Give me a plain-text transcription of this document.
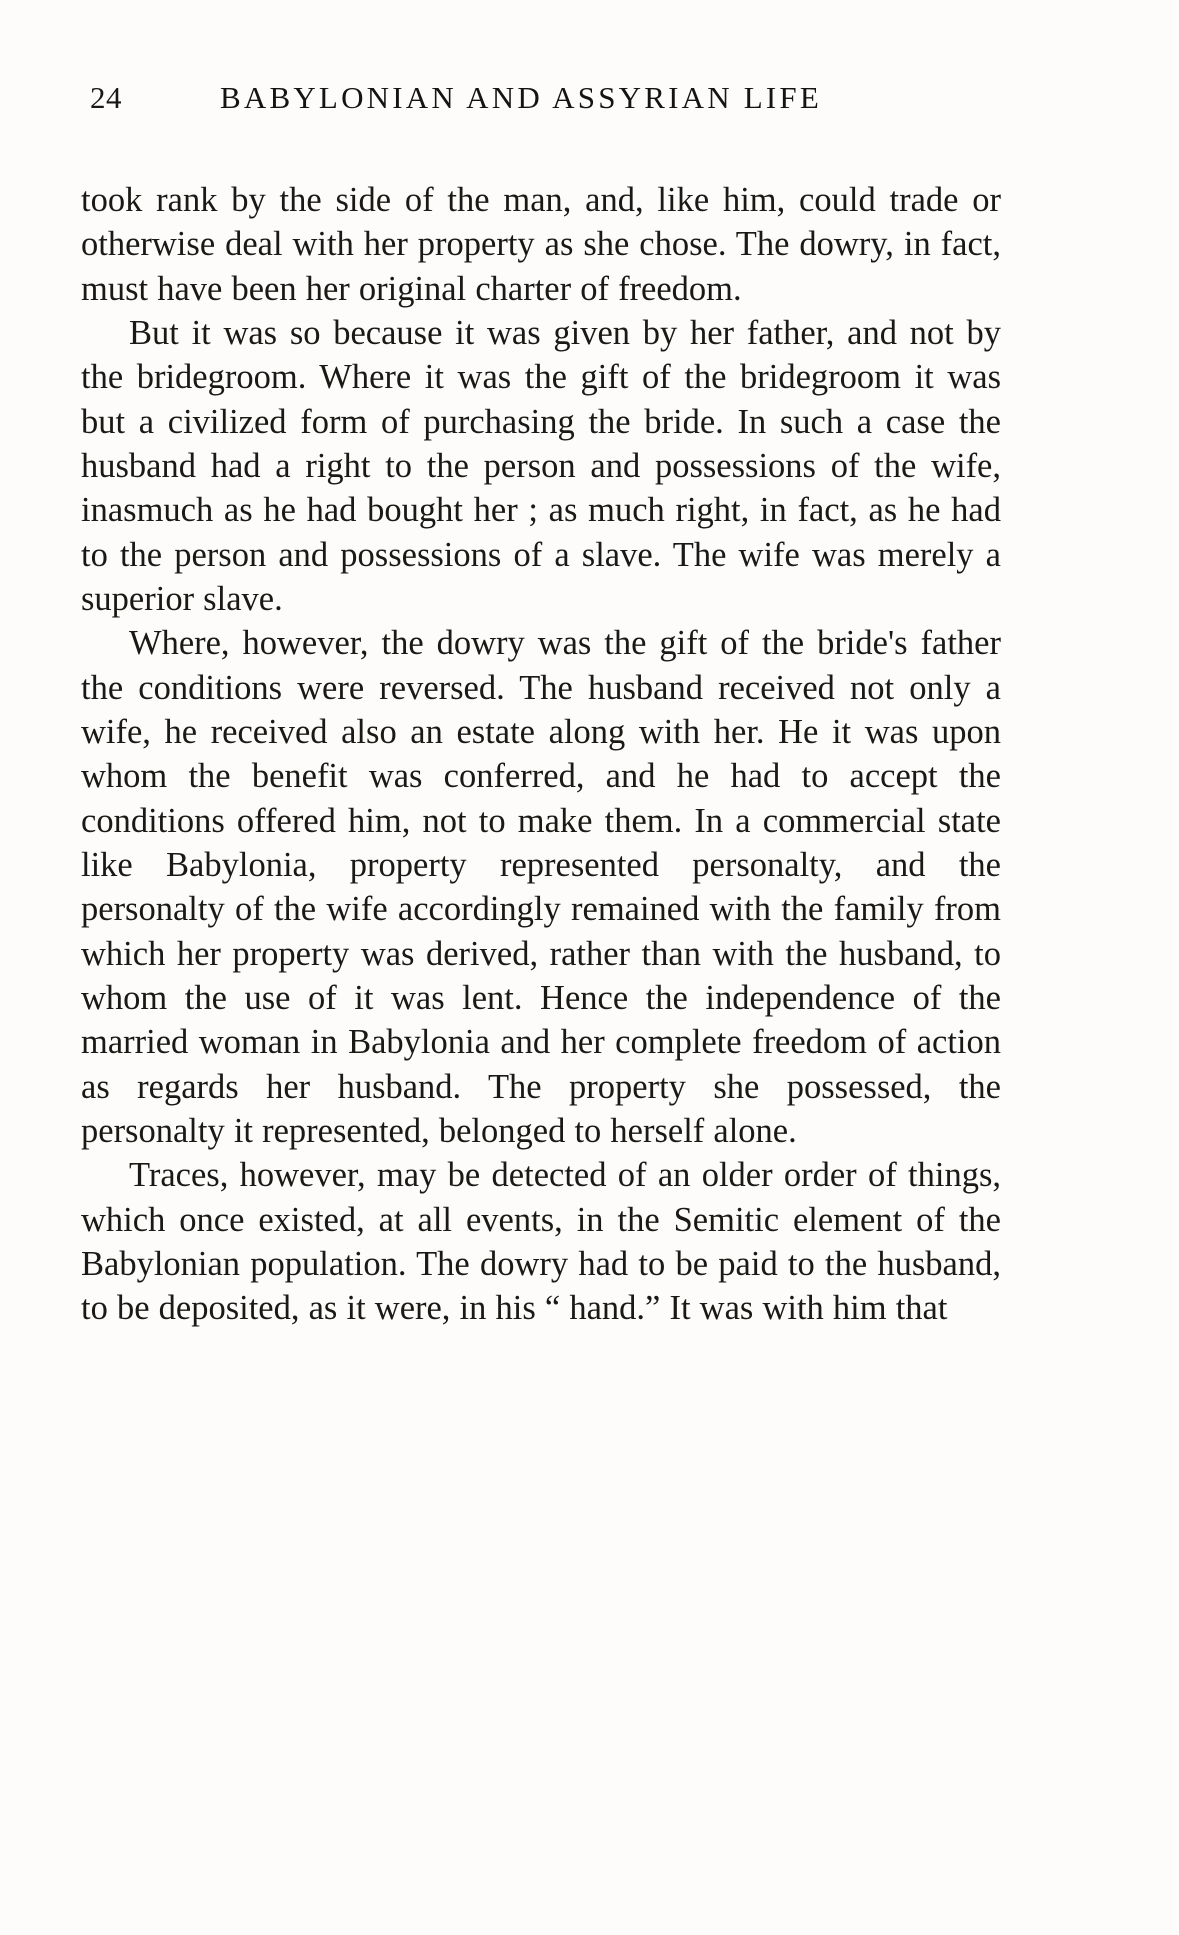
24	BABYLONIAN AND ASSYRIAN LIFE

took rank by the side of the man, and, like him, could trade or otherwise deal with her property as she chose. The dowry, in fact, must have been her original charter of freedom.

But it was so because it was given by her father, and not by the bridegroom. Where it was the gift of the bridegroom it was but a civilized form of purchasing the bride. In such a case the husband had a right to the person and possessions of the wife, inasmuch as he had bought her ; as much right, in fact, as he had to the person and possessions of a slave. The wife was merely a superior slave.

Where, however, the dowry was the gift of the bride's father the conditions were reversed. The husband received not only a wife, he received also an estate along with her. He it was upon whom the benefit was conferred, and he had to accept the conditions offered him, not to make them. In a commercial state like Babylonia, property represented personalty, and the personalty of the wife accordingly remained with the family from which her property was derived, rather than with the husband, to whom the use of it was lent. Hence the independence of the married woman in Babylonia and her complete freedom of action as regards her husband. The property she possessed, the personalty it represented, belonged to herself alone.

Traces, however, may be detected of an older order of things, which once existed, at all events, in the Semitic element of the Babylonian population. The dowry had to be paid to the husband, to be deposited, as it were, in his “ hand.” It was with him that
